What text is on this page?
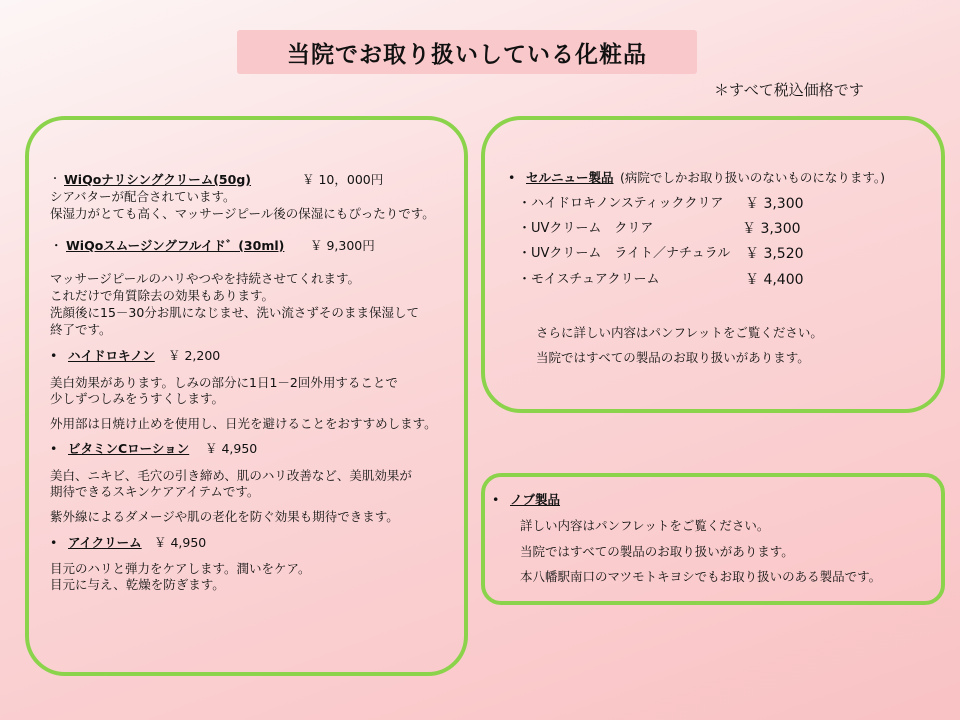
当院でお取り扱いしている化粧品
＊すべて税込価格です
・ WiQoナリシングクリーム(50g)	￥ 10，000円
シアバターが配合されています。
保湿力がとても高く、マッサージピール後の保湿にもぴったりです。
・ WiQoスムージングフルイド゛(30ml) ￥ 9,300円
マッサージピールのハリやつやを持続させてくれます。
これだけで角質除去の効果もあります。
洗顔後に15－30分お肌になじませ、洗い流さずそのまま保湿して
終了です。
• ハイドロキノン ￥ 2,200
美白効果があります。しみの部分に1日1－2回外用することで
少しずつしみをうすくします。
外用部は日焼け止めを使用し、日光を避けることをおすすめします。
• ビタミンCローション ￥ 4,950
美白、ニキビ、毛穴の引き締め、肌のハリ改善など、美肌効果が
期待できるスキンケアアイテムです。
紫外線によるダメージや肌の老化を防ぐ効果も期待できます。
• アイクリーム ￥ 4,950
目元のハリと弾力をケアします。潤いをケア。
目元に与え、乾燥を防ぎます。
• セルニュー製品 (病院でしかお取り扱いのないものになります。)
・ハイドロキノンスティッククリア ￥ 3,300
・UVクリーム　クリア	￥ 3,300
・UVクリーム　ライト／ナチュラル ￥ 3,520
・モイスチュアクリーム	￥ 4,400
さらに詳しい内容はパンフレットをご覧ください。
当院ではすべての製品のお取り扱いがあります。
• ノブ製品
詳しい内容はパンフレットをご覧ください。
当院ではすべての製品のお取り扱いがあります。
本八幡駅南口のマツモトキヨシでもお取り扱いのある製品です。
